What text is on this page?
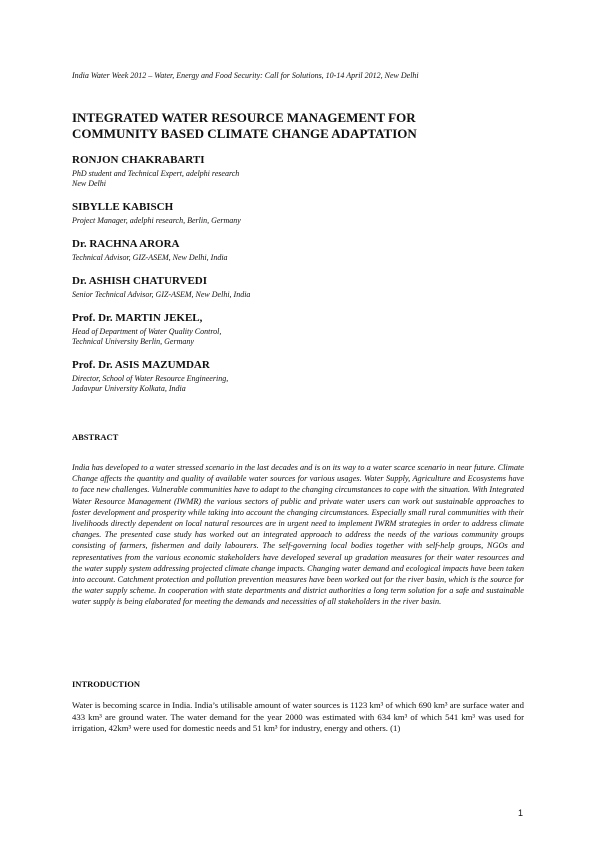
India Water Week 2012 – Water, Energy and Food Security: Call for Solutions, 10-14 April 2012, New Delhi
INTEGRATED WATER RESOURCE MANAGEMENT FOR
COMMUNITY BASED CLIMATE CHANGE ADAPTATION
RONJON CHAKRABARTI
PhD student and Technical Expert, adelphi research
New Delhi
SIBYLLE KABISCH
Project Manager, adelphi research, Berlin, Germany
Dr. RACHNA ARORA
Technical Advisor, GIZ-ASEM, New Delhi, India
Dr. ASHISH CHATURVEDI
Senior Technical Advisor, GIZ-ASEM, New Delhi, India
Prof. Dr. MARTIN JEKEL,
Head of Department of Water Quality Control,
Technical University Berlin, Germany
Prof. Dr. ASIS MAZUMDAR
Director, School of Water Resource Engineering,
Jadavpur University Kolkata, India
ABSTRACT

India has developed to a water stressed scenario in the last decades and is on its way to a water scarce scenario in near future. Climate Change affects the quantity and quality of available water sources for various usages. Water Supply, Agriculture and Ecosystems have to face new challenges. Vulnerable communities have to adapt to the changing circumstances to cope with the situation. With Integrated Water Resource Management (IWMR) the various sectors of public and private water users can work out sustainable approaches to foster development and prosperity while taking into account the changing circumstances. Especially small rural communities with their livelihoods directly dependent on local natural resources are in urgent need to implement IWRM strategies in order to address climate changes. The presented case study has worked out an integrated approach to address the needs of the various community groups consisting of farmers, fishermen and daily labourers. The self-governing local bodies together with self-help groups, NGOs and representatives from the various economic stakeholders have developed several up gradation measures for their water resources and the water supply system addressing projected climate change impacts. Changing water demand and ecological impacts have been taken into account. Catchment protection and pollution prevention measures have been worked out for the river basin, which is the source for the water supply scheme. In cooperation with state departments and district authorities a long term solution for a safe and sustainable water supply is being elaborated for meeting the demands and necessities of all stakeholders in the river basin.

INTRODUCTION

Water is becoming scarce in India. India’s utilisable amount of water sources is 1123 km³ of which 690 km³ are surface water and 433 km³ are ground water. The water demand for the year 2000 was estimated with 634 km³ of which 541 km³ was used for irrigation, 42km³ were used for domestic needs and 51 km³ for industry, energy and others. (1)

1
